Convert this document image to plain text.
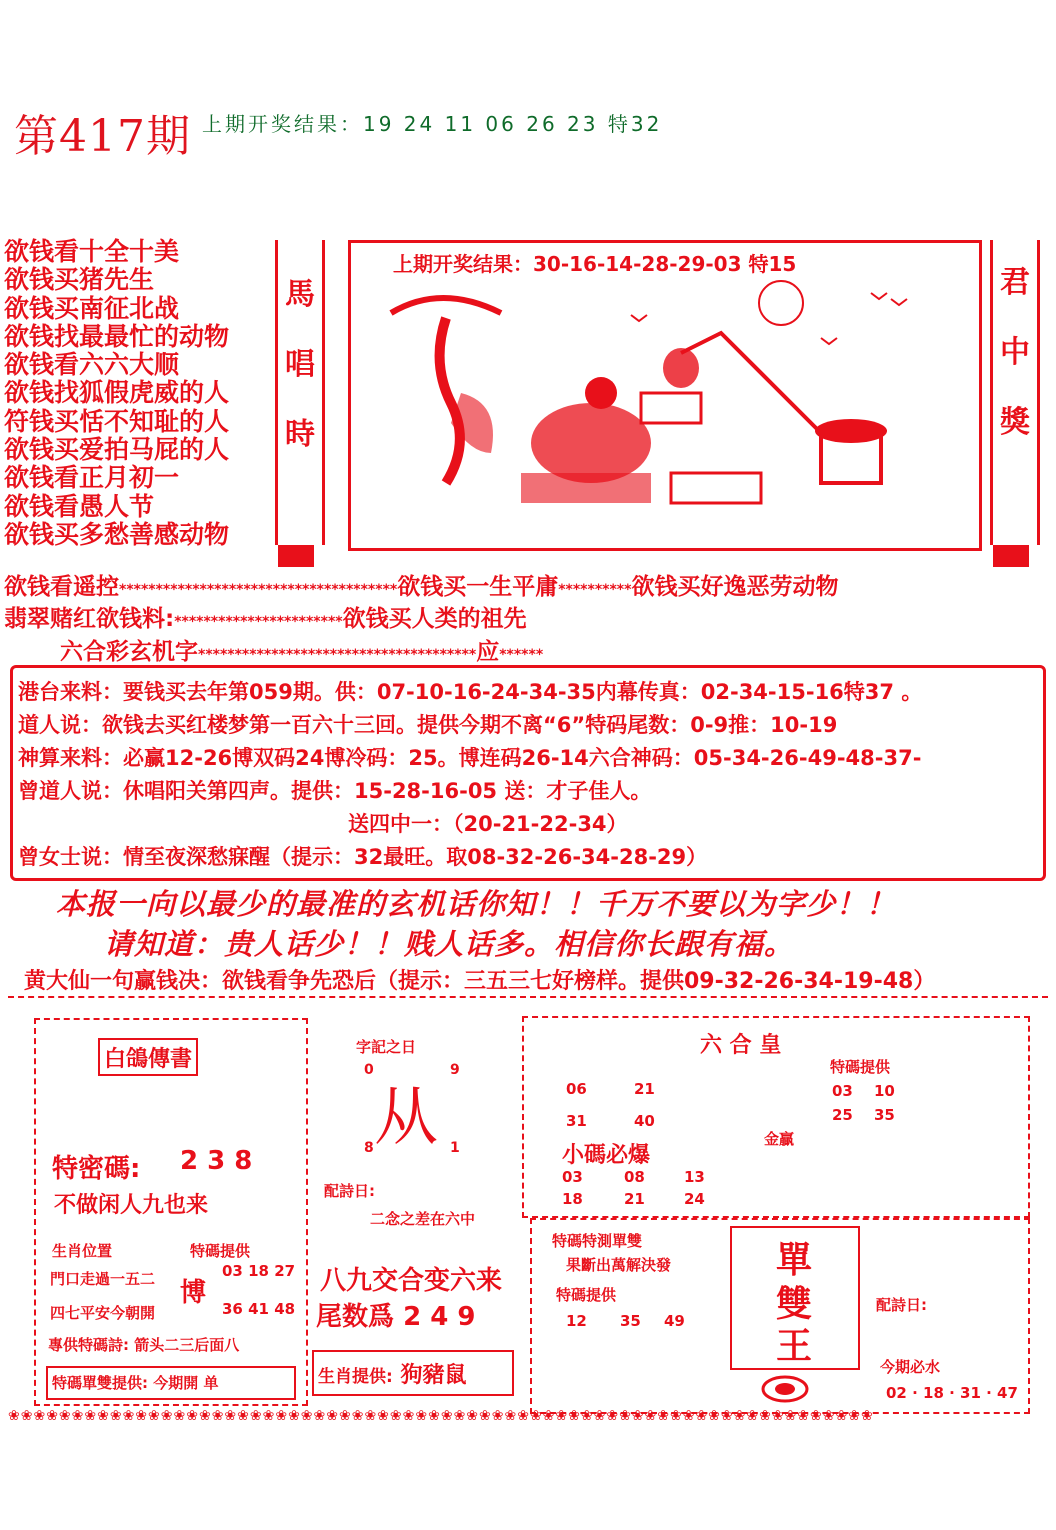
第417期 上期开奖结果：19 24 11 06 26 23 特32
欲钱看十全十美
欲钱买猪先生
欲钱买南征北战
欲钱找最最忙的动物
欲钱看六六大顺
欲钱找狐假虎威的人
符钱买恬不知耻的人
欲钱买爱拍马屁的人
欲钱看正月初一
欲钱看愚人节
欲钱买多愁善感动物
馬
唱
時
君
中
獎
上期开奖结果：30-16-14-28-29-03 特15
欲钱看遥控**************************************欲钱买一生平庸**********欲钱买好逸恶劳动物
翡翠赌红欲钱料:***********************欲钱买人类的祖先
六合彩玄机字**************************************应******
港台来料：要钱买去年第059期。供：07-10-16-24-34-35内幕传真：02-34-15-16特37 。
道人说：欲钱去买红楼梦第一百六十三回。提供今期不离“6”特码尾数：0-9推：10-19
神算来料：必赢12-26博双码24博冷码：25。博连码26-14六合神码：05-34-26-49-48-37-
曾道人说：休唱阳关第四声。提供：15-28-16-05 送：才子佳人。
送四中一：（20-21-22-34）
曾女士说：情至夜深愁寐醒（提示：32最旺。取08-32-26-34-28-29）
本报一向以最少的最准的玄机话你知！！千万不要以为字少！！
请知道：贵人话少！！贱人话多。相信你长跟有福。
黄大仙一句赢钱决：欲钱看争先恐后（提示：三五三七好榜样。提供09-32-26-34-19-48）
白鴿傳書
特密碼: 2 3 8
不做闲人九也来
生肖位置
門口走過一五二
特碼提供
博
03 18 27
36 41 48
四七平安今朝開
專供特碼詩: 箭头二三后面八
特碼單雙提供: 今期開 单
字記之日
0	9
从
8	1
配詩日:
二念之差在六中
八九交合变六来
尾数爲 2 4 9
生肖提供: 狗豬鼠
六 合 皇
06	21
31	40
特碼提供
03 10
25 35
金贏
小碼必爆
03	08	13
18	21	24
特碼特測單雙
果斷出萬解決發
特碼提供
12 35 49
單
雙
王
配詩日:
今期必水
02 · 18 · 31 · 47
❀❀❀❀❀❀❀❀❀❀❀❀❀❀❀❀❀❀❀❀❀❀❀❀❀❀❀❀❀❀❀❀❀❀❀❀❀❀❀❀❀❀❀❀❀❀❀❀❀❀❀❀❀❀❀❀❀❀❀❀❀❀❀❀❀❀❀❀
